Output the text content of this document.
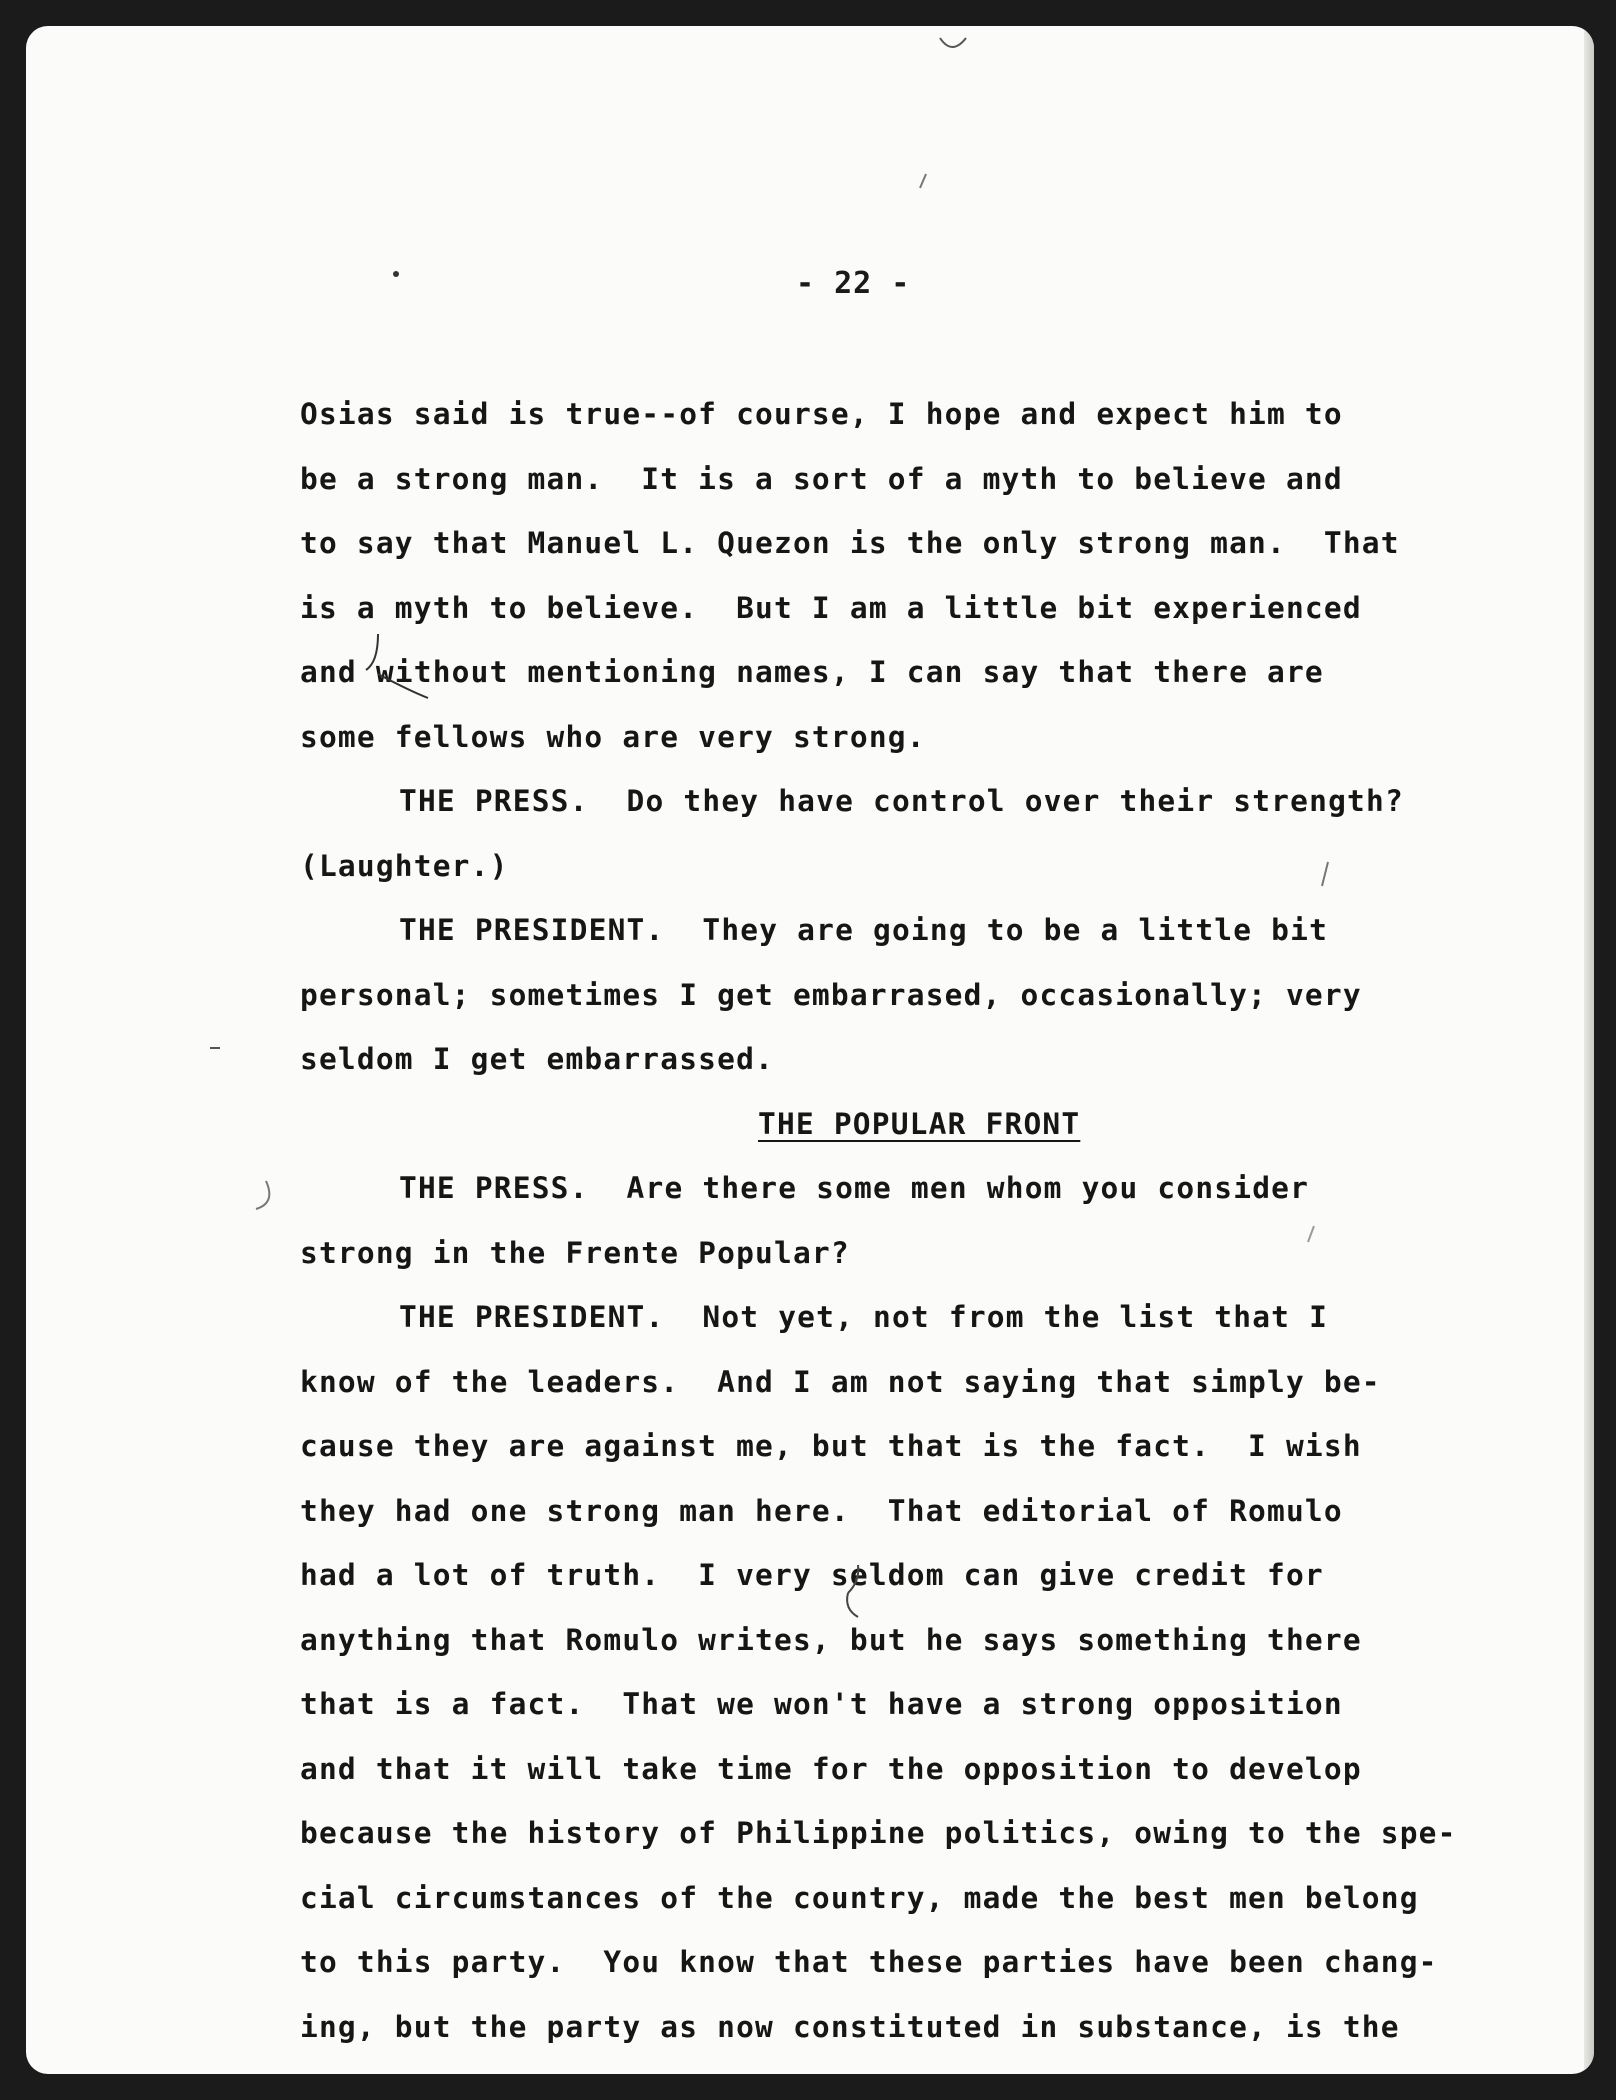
- 22 -
Osias said is true--of course, I hope and expect him to
be a strong man.  It is a sort of a myth to believe and
to say that Manuel L. Quezon is the only strong man.  That
is a myth to believe.  But I am a little bit experienced
and without mentioning names, I can say that there are
some fellows who are very strong.
THE PRESS.  Do they have control over their strength?
(Laughter.)
THE PRESIDENT.  They are going to be a little bit
personal; sometimes I get embarrased, occasionally; very
seldom I get embarrassed.
THE POPULAR FRONT
THE PRESS.  Are there some men whom you consider
strong in the Frente Popular?
THE PRESIDENT.  Not yet, not from the list that I
know of the leaders.  And I am not saying that simply be-
cause they are against me, but that is the fact.  I wish
they had one strong man here.  That editorial of Romulo
had a lot of truth.  I very seldom can give credit for
anything that Romulo writes, but he says something there
that is a fact.  That we won't have a strong opposition
and that it will take time for the opposition to develop
because the history of Philippine politics, owing to the spe-
cial circumstances of the country, made the best men belong
to this party.  You know that these parties have been chang-
ing, but the party as now constituted in substance, is the
